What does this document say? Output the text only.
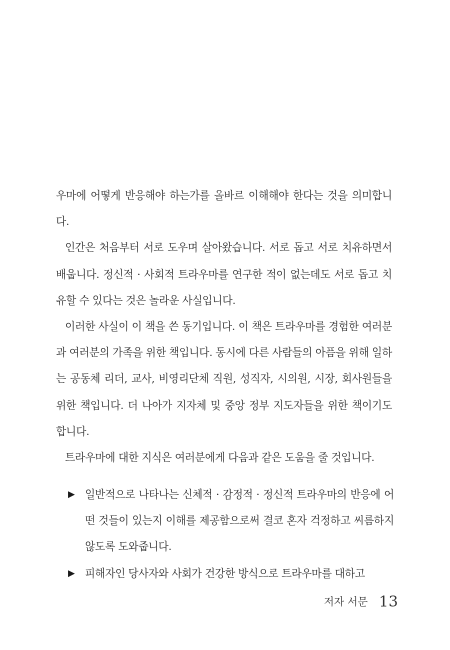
우마에 어떻게 반응해야 하는가를 올바르 이해해야 한다는 것을 의미합니다.

인간은 처음부터 서로 도우며 살아왔습니다. 서로 돕고 서로 치유하면서 배웁니다. 정신적 · 사회적 트라우마를 연구한 적이 없는데도 서로 돕고 치유할 수 있다는 것은 놀라운 사실입니다.

이러한 사실이 이 책을 쓴 동기입니다. 이 책은 트라우마를 경험한 여러분과 여러분의 가족을 위한 책입니다. 동시에 다른 사람들의 아픔을 위해 일하는 공동체 리더, 교사, 비영리단체 직원, 성직자, 시의원, 시장, 회사원들을 위한 책입니다. 더 나아가 지자체 및 중앙 정부 지도자들을 위한 책이기도 합니다.

트라우마에 대한 지식은 여러분에게 다음과 같은 도움을 줄 것입니다.

▶ 일반적으로 나타나는 신체적 · 감정적 · 정신적 트라우마의 반응에 어떤 것들이 있는지 이해를 제공함으로써 결코 혼자 걱정하고 씨름하지 않도록 도와줍니다.
▶ 피해자인 당사자와 사회가 건강한 방식으로 트라우마를 대하고
저자 서문 13
